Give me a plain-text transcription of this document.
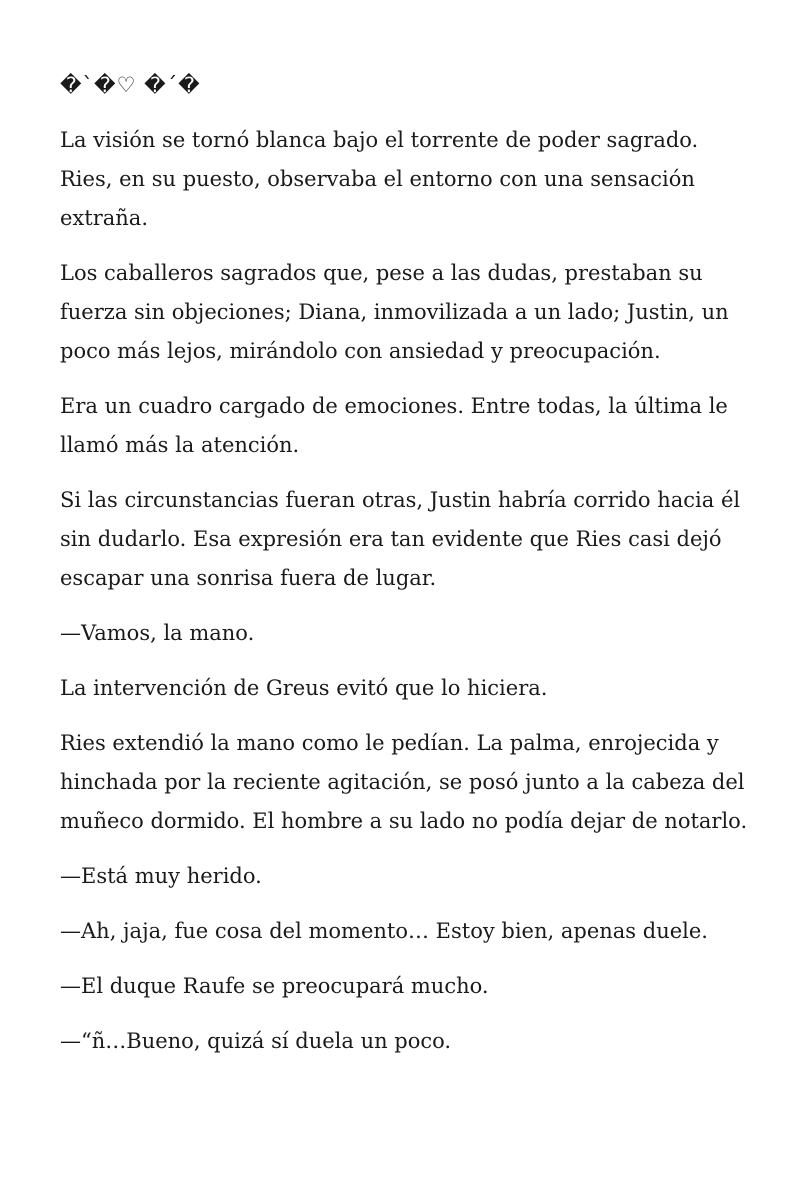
�`�♡ �´�

La visión se tornó blanca bajo el torrente de poder sagrado. Ries, en su puesto, observaba el entorno con una sensación extraña.

Los caballeros sagrados que, pese a las dudas, prestaban su fuerza sin objeciones; Diana, inmovilizada a un lado; Justin, un poco más lejos, mirándolo con ansiedad y preocupación.

Era un cuadro cargado de emociones. Entre todas, la última le llamó más la atención.

Si las circunstancias fueran otras, Justin habría corrido hacia él sin dudarlo. Esa expresión era tan evidente que Ries casi dejó escapar una sonrisa fuera de lugar.

—Vamos, la mano.

La intervención de Greus evitó que lo hiciera.

Ries extendió la mano como le pedían. La palma, enrojecida y hinchada por la reciente agitación, se posó junto a la cabeza del muñeco dormido. El hombre a su lado no podía dejar de notarlo.

—Está muy herido.

—Ah, jaja, fue cosa del momento… Estoy bien, apenas duele.

—El duque Raufe se preocupará mucho.

—“ñ…Bueno, quizá sí duela un poco.
